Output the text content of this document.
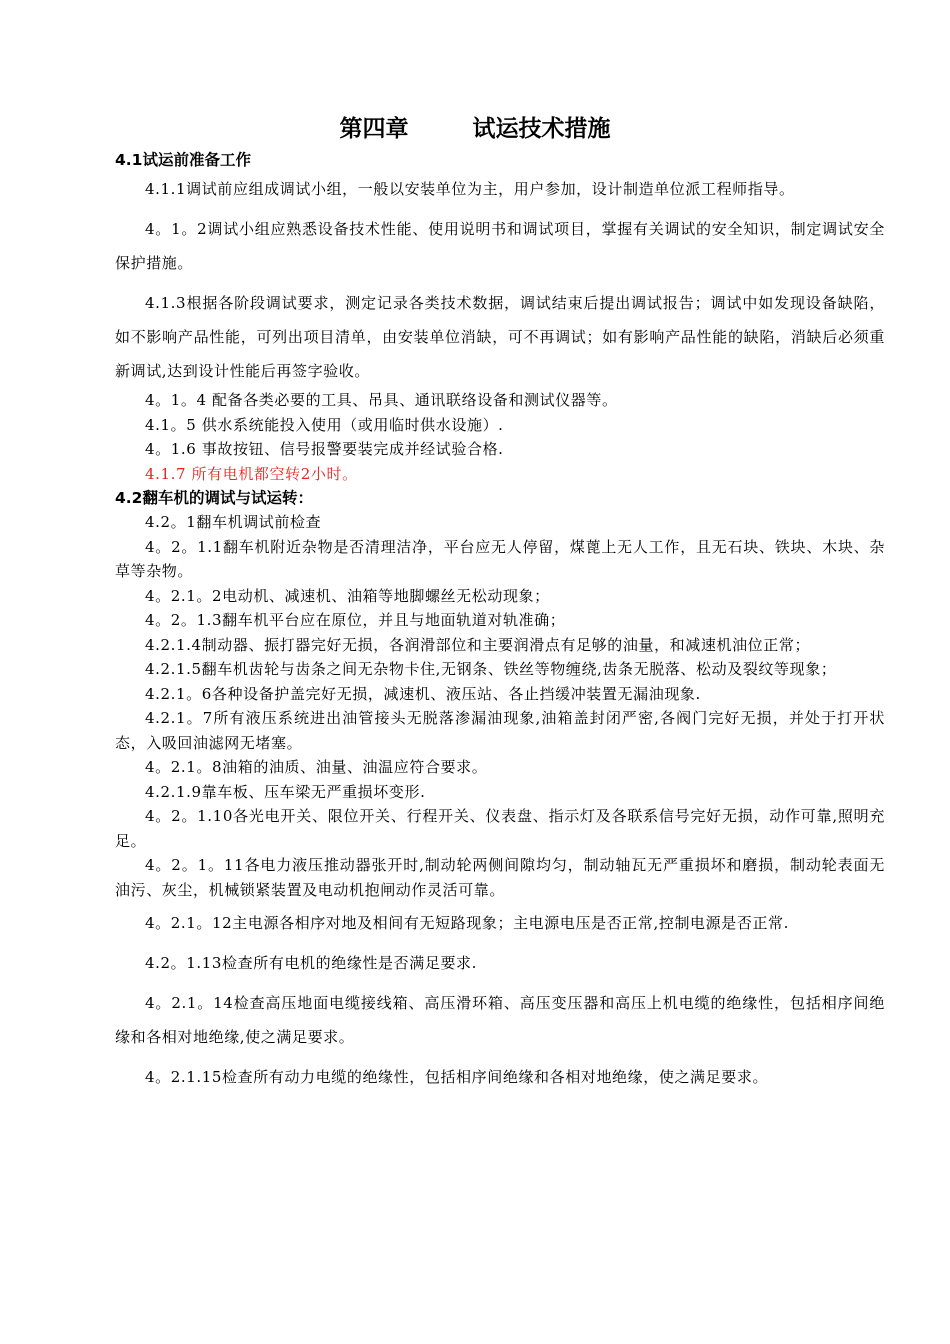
第四章        试运技术措施
4.1试运前准备工作
4.1.1调试前应组成调试小组，一般以安装单位为主，用户参加，设计制造单位派工程师指导。
4。1。2调试小组应熟悉设备技术性能、使用说明书和调试项目，掌握有关调试的安全知识，制定调试安全保护措施。
4.1.3根据各阶段调试要求，测定记录各类技术数据，调试结束后提出调试报告；调试中如发现设备缺陷，如不影响产品性能，可列出项目清单，由安装单位消缺，可不再调试；如有影响产品性能的缺陷，消缺后必须重新调试,达到设计性能后再签字验收。
4。1。4 配备各类必要的工具、吊具、通讯联络设备和测试仪器等。
4.1。5 供水系统能投入使用（或用临时供水设施）.
4。1.6 事故按钮、信号报警要装完成并经试验合格.
4.1.7 所有电机都空转2小时。
4.2翻车机的调试与试运转：
4.2。1翻车机调试前检查
4。2。1.1翻车机附近杂物是否清理洁净，平台应无人停留，煤蓖上无人工作，且无石块、铁块、木块、杂草等杂物。
4。2.1。2电动机、减速机、油箱等地脚螺丝无松动现象；
4。2。1.3翻车机平台应在原位，并且与地面轨道对轨准确；
4.2.1.4制动器、振打器完好无损，各润滑部位和主要润滑点有足够的油量，和减速机油位正常；
4.2.1.5翻车机齿轮与齿条之间无杂物卡住,无钢条、铁丝等物缠绕,齿条无脱落、松动及裂纹等现象；
4.2.1。6各种设备护盖完好无损，减速机、液压站、各止挡缓冲装置无漏油现象.
4.2.1。7所有液压系统进出油管接头无脱落渗漏油现象,油箱盖封闭严密,各阀门完好无损，并处于打开状态，入吸回油滤网无堵塞。
4。2.1。8油箱的油质、油量、油温应符合要求。
4.2.1.9靠车板、压车梁无严重损坏变形.
4。2。1.10各光电开关、限位开关、行程开关、仪表盘、指示灯及各联系信号完好无损，动作可靠,照明充足。
4。2。1。11各电力液压推动器张开时,制动轮两侧间隙均匀，制动轴瓦无严重损坏和磨损，制动轮表面无油污、灰尘，机械锁紧装置及电动机抱闸动作灵活可靠。
4。2.1。12主电源各相序对地及相间有无短路现象；主电源电压是否正常,控制电源是否正常.
4.2。1.13检查所有电机的绝缘性是否满足要求.
4。2.1。14检查高压地面电缆接线箱、高压滑环箱、高压变压器和高压上机电缆的绝缘性，包括相序间绝缘和各相对地绝缘,使之满足要求。
4。2.1.15检查所有动力电缆的绝缘性，包括相序间绝缘和各相对地绝缘，使之满足要求。
